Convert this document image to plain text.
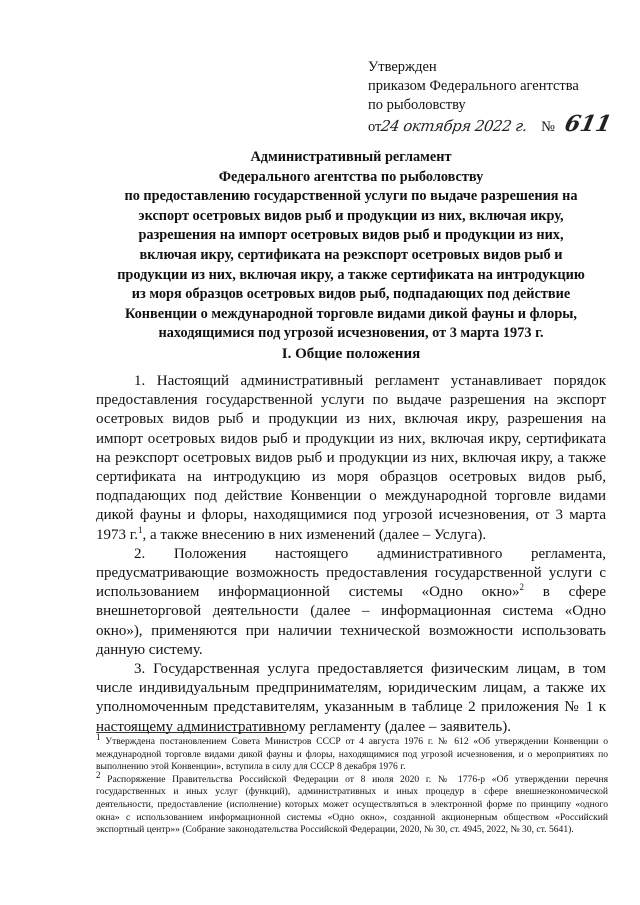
Утвержден
приказом Федерального агентства
по рыболовству
от24 октября 2022 г. № 611
Административный регламент
Федерального агентства по рыболовству
по предоставлению государственной услуги по выдаче разрешения на
экспорт осетровых видов рыб и продукции из них, включая икру,
разрешения на импорт осетровых видов рыб и продукции из них,
включая икру, сертификата на реэкспорт осетровых видов рыб и
продукции из них, включая икру, а также сертификата на интродукцию
из моря образцов осетровых видов рыб, подпадающих под действие
Конвенции о международной торговле видами дикой фауны и флоры,
находящимися под угрозой исчезновения, от 3 марта 1973 г.
I. Общие положения

1. Настоящий административный регламент устанавливает порядок предоставления государственной услуги по выдаче разрешения на экспорт осетровых видов рыб и продукции из них, включая икру, разрешения на импорт осетровых видов рыб и продукции из них, включая икру, сертификата на реэкспорт осетровых видов рыб и продукции из них, включая икру, а также сертификата на интродукцию из моря образцов осетровых видов рыб, подпадающих под действие Конвенции о международной торговле видами дикой фауны и флоры, находящимися под угрозой исчезновения, от 3 марта 1973 г.$^1$, а также внесению в них изменений (далее – Услуга).

2. Положения настоящего административного регламента, предусматривающие возможность предоставления государственной услуги с использованием информационной системы «Одно окно»$^2$ в сфере внешнеторговой деятельности (далее – информационная система «Одно окно»), применяются при наличии технической возможности использовать данную систему.

3. Государственная услуга предоставляется физическим лицам, в том числе индивидуальным предпринимателям, юридическим лицам, а также их уполномоченным представителям, указанным в таблице 2 приложения № 1 к настоящему административному регламенту (далее – заявитель).

$^1$ Утверждена постановлением Совета Министров СССР от 4 августа 1976 г. № 612 «Об утверждении Конвенции о международной торговле видами дикой фауны и флоры, находящимися под угрозой исчезновения, и о мероприятиях по выполнению этой Конвенции», вступила в силу для СССР 8 декабря 1976 г.

$^2$ Распоряжение Правительства Российской Федерации от 8 июля 2020 г. № 1776-р «Об утверждении перечня государственных и иных услуг (функций), административных и иных процедур в сфере внешнеэкономической деятельности, предоставление (исполнение) которых может осуществляться в электронной форме по принципу «одного окна» с использованием информационной системы «Одно окно», созданной акционерным обществом «Российский экспортный центр»» (Собрание законодательства Российской Федерации, 2020, № 30, ст. 4945, 2022, № 30, ст. 5641).
